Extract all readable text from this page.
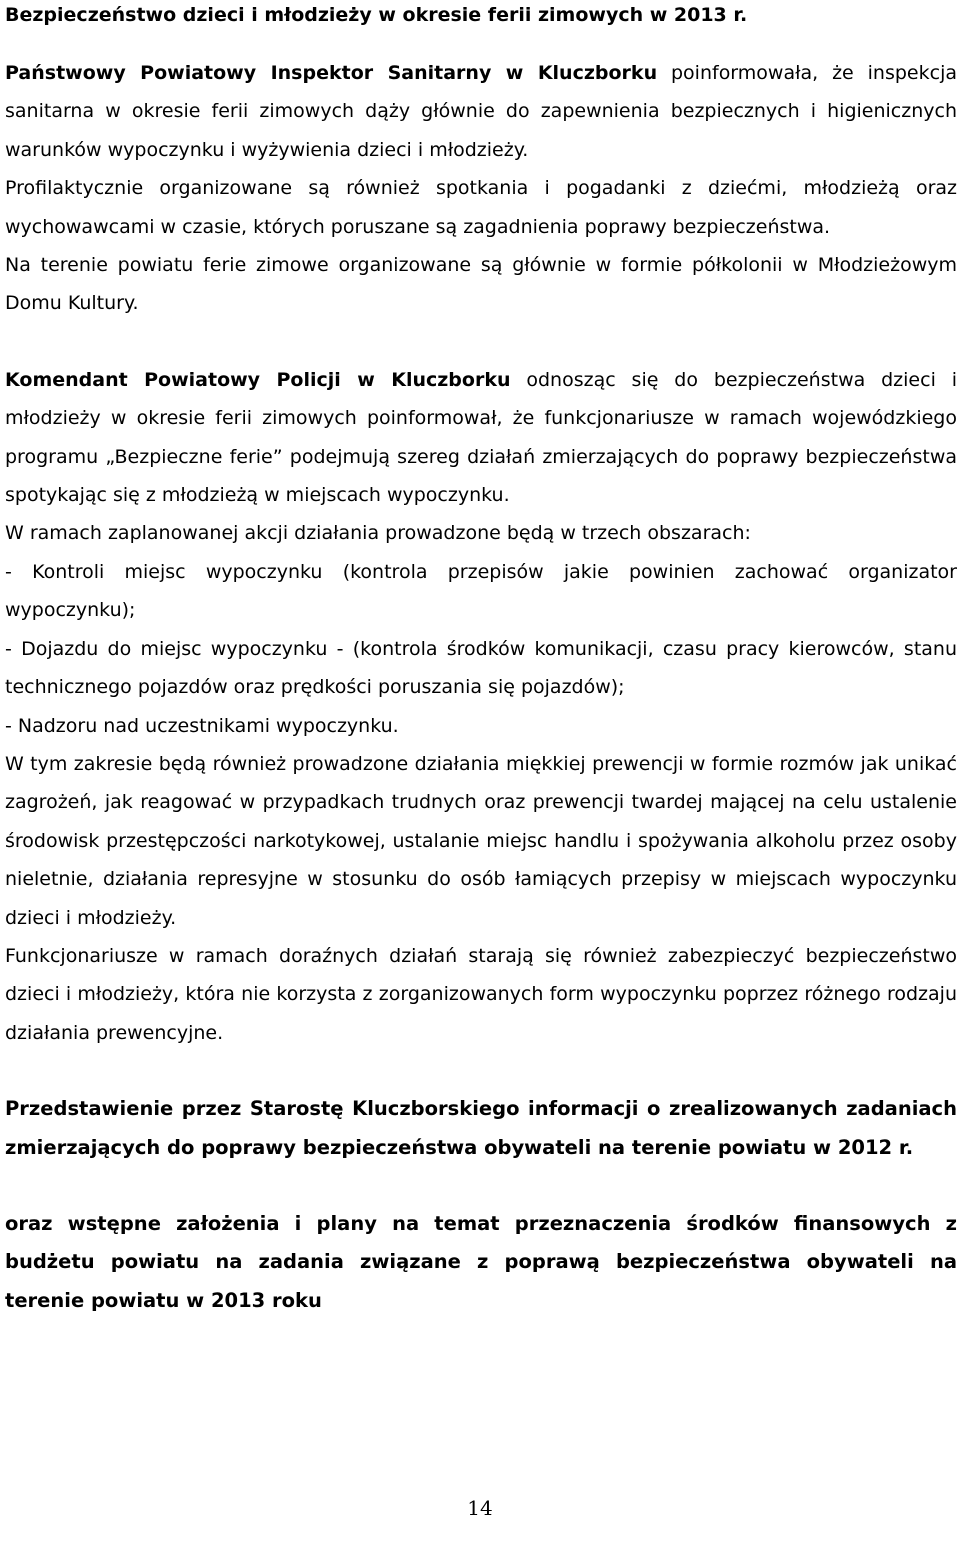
Bezpieczeństwo dzieci i młodzieży w okresie ferii zimowych w 2013 r.

Państwowy Powiatowy Inspektor Sanitarny w Kluczborku poinformowała, że inspekcja sanitarna w okresie ferii zimowych dąży głównie do zapewnienia bezpiecznych i higienicznych warunków wypoczynku i wyżywienia dzieci i młodzieży.

Profilaktycznie organizowane są również spotkania i pogadanki z dziećmi, młodzieżą oraz wychowawcami w czasie, których poruszane są zagadnienia poprawy bezpieczeństwa.

Na terenie powiatu ferie zimowe organizowane są głównie w formie półkolonii w Młodzieżowym Domu Kultury.

Komendant Powiatowy Policji w Kluczborku odnosząc się do bezpieczeństwa dzieci i młodzieży w okresie ferii zimowych poinformował, że funkcjonariusze w ramach wojewódzkiego programu „Bezpieczne ferie” podejmują szereg działań zmierzających do poprawy bezpieczeństwa spotykając się z młodzieżą w miejscach wypoczynku.

W ramach zaplanowanej akcji działania prowadzone będą w trzech obszarach:

- Kontroli miejsc wypoczynku (kontrola przepisów jakie powinien zachować organizator wypoczynku);

- Dojazdu do miejsc wypoczynku - (kontrola środków komunikacji, czasu pracy kierowców, stanu technicznego pojazdów oraz prędkości poruszania się pojazdów);

- Nadzoru nad uczestnikami wypoczynku.

W tym zakresie będą również prowadzone działania miękkiej prewencji w formie rozmów jak unikać zagrożeń, jak reagować w przypadkach trudnych oraz prewencji twardej mającej na celu ustalenie środowisk przestępczości narkotykowej, ustalanie miejsc handlu i spożywania alkoholu przez osoby nieletnie, działania represyjne w stosunku do osób łamiących przepisy w miejscach wypoczynku dzieci i młodzieży.

Funkcjonariusze w ramach doraźnych działań starają się również zabezpieczyć bezpieczeństwo dzieci i młodzieży, która nie korzysta z zorganizowanych form wypoczynku poprzez różnego rodzaju działania prewencyjne.

Przedstawienie przez Starostę Kluczborskiego informacji o zrealizowanych zadaniach zmierzających do poprawy bezpieczeństwa obywateli na terenie powiatu w 2012 r.
oraz wstępne założenia i plany na temat przeznaczenia środków finansowych z budżetu powiatu na zadania związane z poprawą bezpieczeństwa obywateli na terenie powiatu w 2013 roku
14
